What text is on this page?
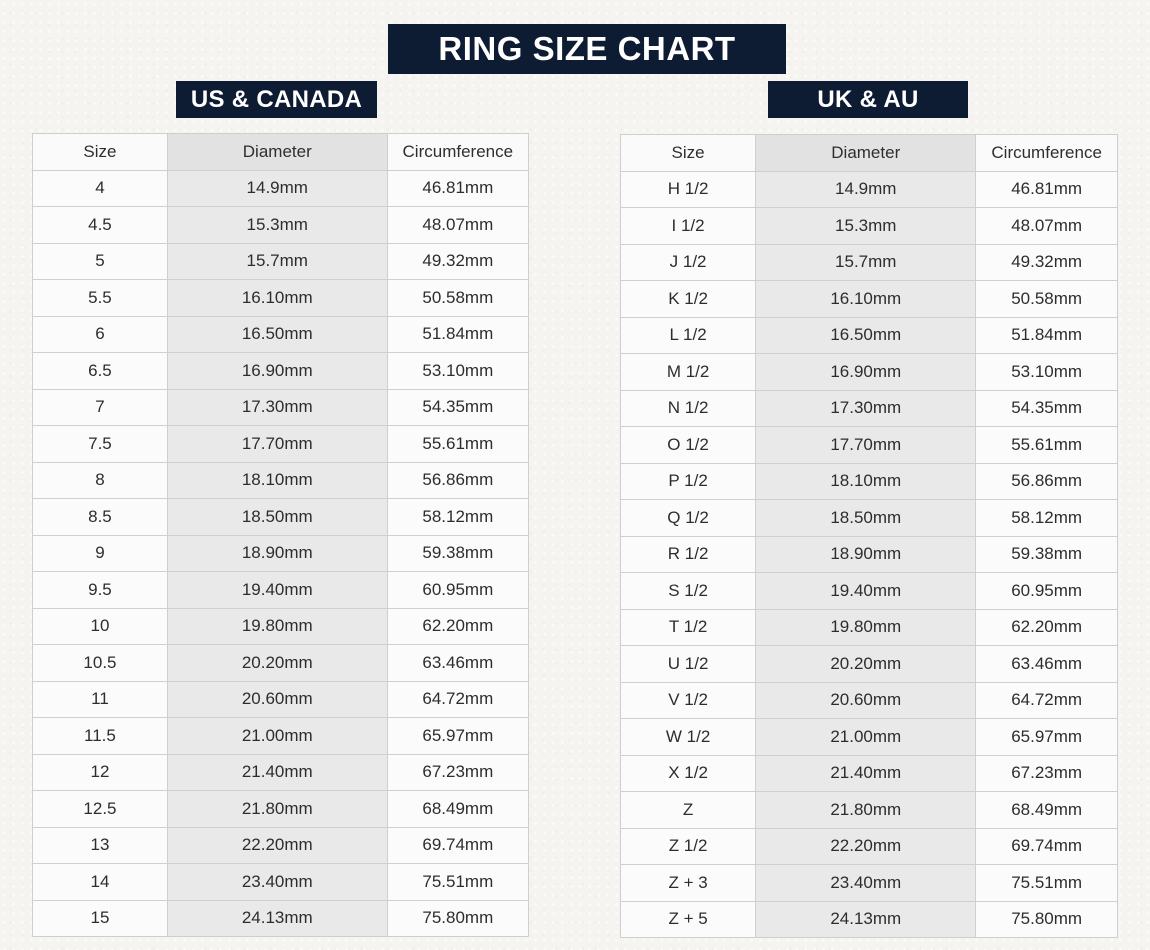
RING SIZE CHART
US & CANADA	UK & AU
Size	Diameter	Circumference
4	14.9mm	46.81mm
4.5	15.3mm	48.07mm
5	15.7mm	49.32mm
5.5	16.10mm	50.58mm
6	16.50mm	51.84mm
6.5	16.90mm	53.10mm
7	17.30mm	54.35mm
7.5	17.70mm	55.61mm
8	18.10mm	56.86mm
8.5	18.50mm	58.12mm
9	18.90mm	59.38mm
9.5	19.40mm	60.95mm
10	19.80mm	62.20mm
10.5	20.20mm	63.46mm
11	20.60mm	64.72mm
11.5	21.00mm	65.97mm
12	21.40mm	67.23mm
12.5	21.80mm	68.49mm
13	22.20mm	69.74mm
14	23.40mm	75.51mm
15	24.13mm	75.80mm
Size	Diameter	Circumference
H 1/2	14.9mm	46.81mm
I 1/2	15.3mm	48.07mm
J 1/2	15.7mm	49.32mm
K 1/2	16.10mm	50.58mm
L 1/2	16.50mm	51.84mm
M 1/2	16.90mm	53.10mm
N 1/2	17.30mm	54.35mm
O 1/2	17.70mm	55.61mm
P 1/2	18.10mm	56.86mm
Q 1/2	18.50mm	58.12mm
R 1/2	18.90mm	59.38mm
S 1/2	19.40mm	60.95mm
T 1/2	19.80mm	62.20mm
U 1/2	20.20mm	63.46mm
V 1/2	20.60mm	64.72mm
W 1/2	21.00mm	65.97mm
X 1/2	21.40mm	67.23mm
Z	21.80mm	68.49mm
Z 1/2	22.20mm	69.74mm
Z + 3	23.40mm	75.51mm
Z + 5	24.13mm	75.80mm
